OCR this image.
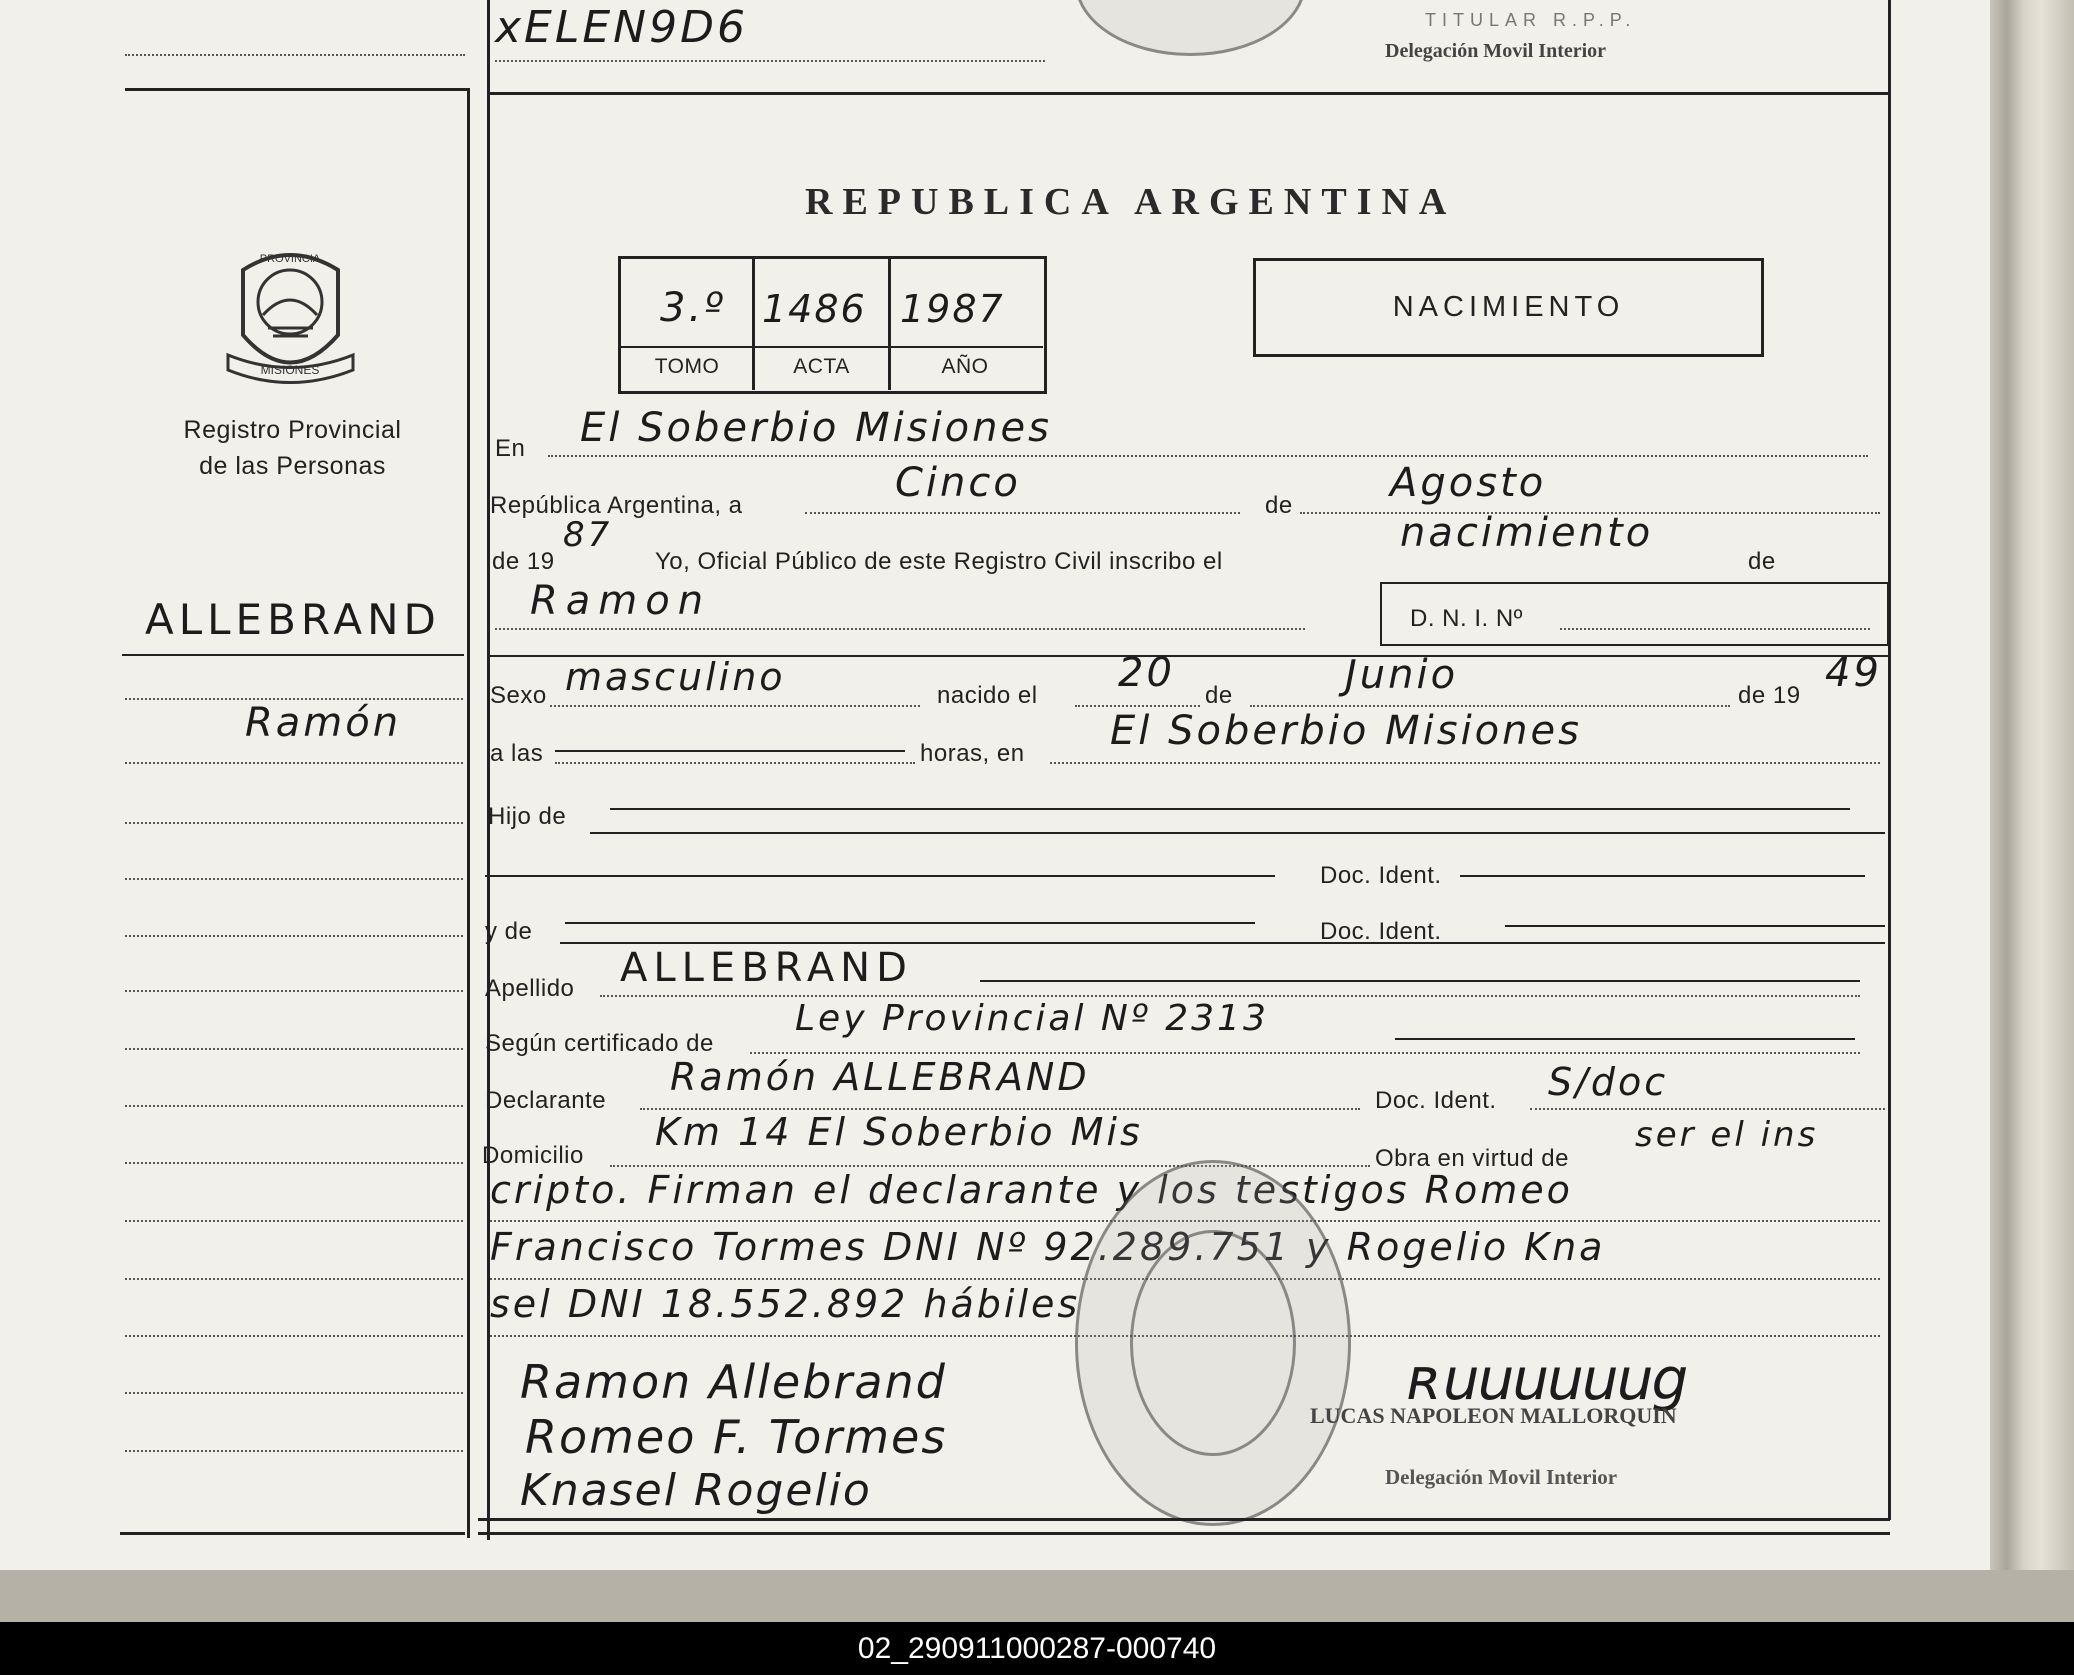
xELEN9D6	TITULAR R.P.P.
Delegación Movil Interior
PROVINCIA
MISIONES
Registro Provincial
de las Personas
ALLEBRAND
Ramón
REPUBLICA ARGENTINA
3.º 1486 1987
TOMO	ACTA	AÑO
NACIMIENTO
En El Soberbio Misiones
República Argentina, a	Cinco	de Agosto
de 19
87
Yo, Oficial Público de este Registro Civil inscribo el
nacimiento
de
Ramon	D. N. I. Nº
Sexo masculino	nacido el 20 de	Junio	de 19 49
a las	horas, en El Soberbio Misiones
Hijo de
Doc. Ident.
y de	Doc. Ident.
Apellido ALLEBRAND
Según certificado de
Ley Provincial Nº 2313
Declarante
Ramón ALLEBRAND
Doc. Ident. S/doc
Domicilio
Km 14 El Soberbio Mis
Obra en virtud de
ser el ins
cripto. Firman el declarante y los testigos Romeo
Francisco Tormes DNI Nº 92.289.751 y Rogelio Kna
sel DNI 18.552.892 hábiles
Ramon Allebrand
Romeo F. Tormes
Knasel Rogelio
ʀuuuuuug
LUCAS NAPOLEON MALLORQUIN
Delegación Movil Interior
02_290911000287-000740
